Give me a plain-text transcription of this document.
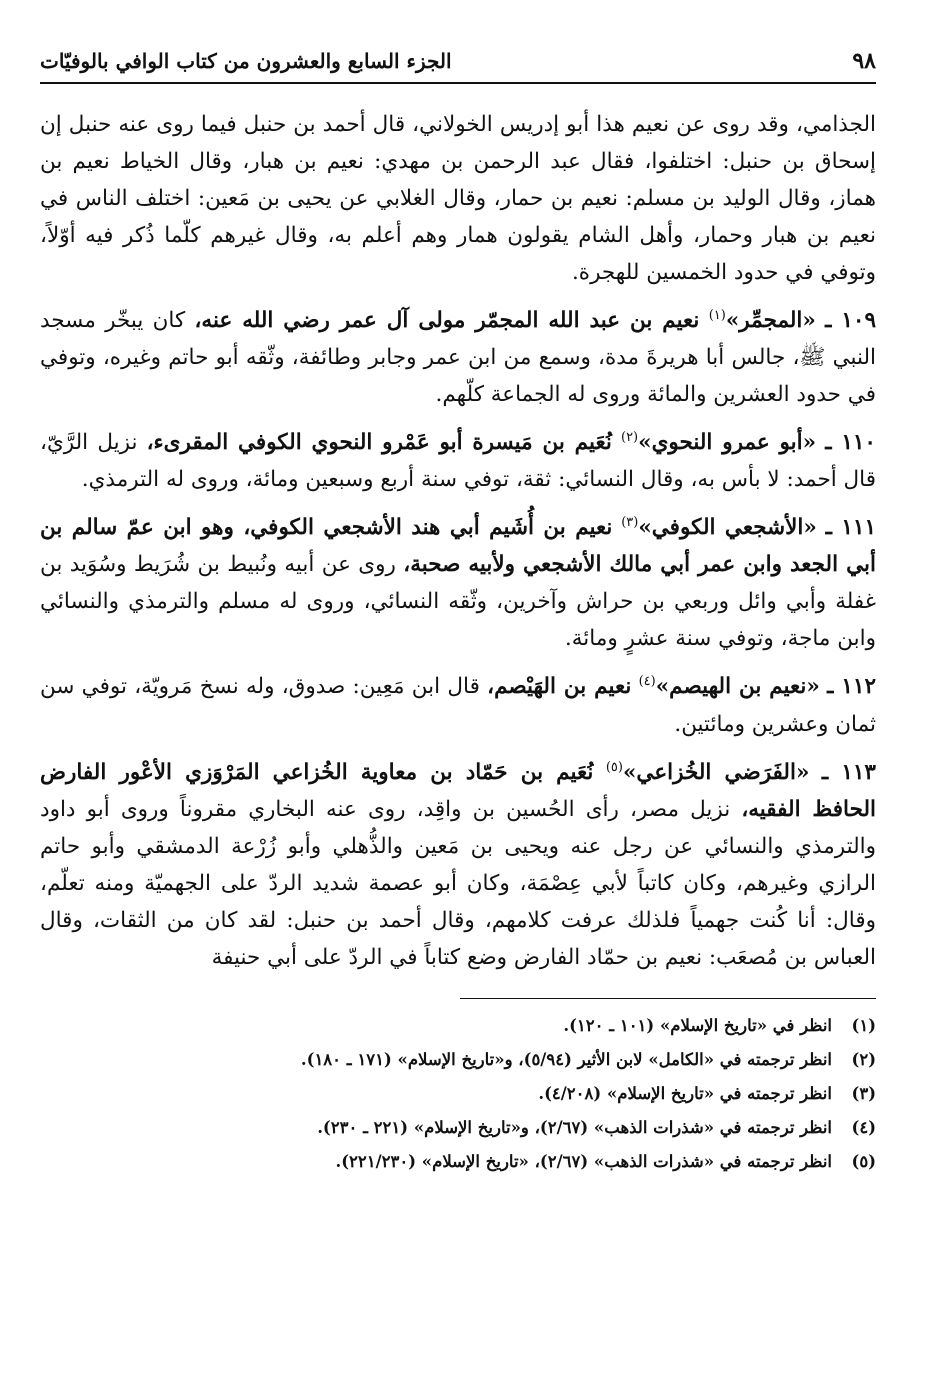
٩٨
الجزء السابع والعشرون من كتاب الوافي بالوفيّات

الجذامي، وقد روى عن نعيم هذا أبو إدريس الخولاني، قال أحمد بن حنبل فيما روى عنه حنبل إن إسحاق بن حنبل: اختلفوا، فقال عبد الرحمن بن مهدي: نعيم بن هبار، وقال الخياط نعيم بن هماز، وقال الوليد بن مسلم: نعيم بن حمار، وقال الغلابي عن يحيى بن مَعين: اختلف الناس في نعيم بن هبار وحمار، وأهل الشام يقولون همار وهم أعلم به، وقال غيرهم كلّما ذُكر فيه أوّلاً، وتوفي في حدود الخمسين للهجرة.

١٠٩ ـ «المجمِّر»$^{(١)}$ نعيم بن عبد الله المجمّر مولى آل عمر رضي الله عنه، كان يبخّر مسجد النبي ﷺ، جالس أبا هريرةَ مدة، وسمع من ابن عمر وجابر وطائفة، وثّقه أبو حاتم وغيره، وتوفي في حدود العشرين والمائة وروى له الجماعة كلّهم.

١١٠ ـ «أبو عمرو النحوي»$^{(٢)}$ نُعَيم بن مَيسرة أبو عَمْرو النحوي الكوفي المقرىء، نزيل الرَّيّ، قال أحمد: لا بأس به، وقال النسائي: ثقة، توفي سنة أربع وسبعين ومائة، وروى له الترمذي.

١١١ ـ «الأشجعي الكوفي»$^{(٣)}$ نعيم بن أُشَيم أبي هند الأشجعي الكوفي، وهو ابن عمّ سالم بن أبي الجعد وابن عمر أبي مالك الأشجعي ولأبيه صحبة، روى عن أبيه ونُبيط بن شُرَيط وسُوَيد بن غفلة وأبي وائل وربعي بن حراش وآخرين، وثّقه النسائي، وروى له مسلم والترمذي والنسائي وابن ماجة، وتوفي سنة عشرٍ ومائة.

١١٢ ـ «نعيم بن الهيصم»$^{(٤)}$ نعيم بن الهَيْصم، قال ابن مَعِين: صدوق، وله نسخ مَرويّة، توفي سن ثمان وعشرين ومائتين.

١١٣ ـ «الفَرَضي الخُزاعي»$^{(٥)}$ نُعَيم بن حَمّاد بن معاوية الخُزاعي المَرْوَزي الأعْور الفارض الحافظ الفقيه، نزيل مصر، رأى الحُسين بن واقِد، روى عنه البخاري مقروناً وروى أبو داود والترمذي والنسائي عن رجل عنه ويحيى بن مَعين والذُّهلي وأبو زُرْعة الدمشقي وأبو حاتم الرازي وغيرهم، وكان كاتباً لأبي عِصْمَة، وكان أبو عصمة شديد الردّ على الجهميّة ومنه تعلّم، وقال: أنا كُنت جهمياً فلذلك عرفت كلامهم، وقال أحمد بن حنبل: لقد كان من الثقات، وقال العباس بن مُصعَب: نعيم بن حمّاد الفارض وضع كتاباً في الردّ على أبي حنيفة

(١)
انظر في «تاريخ الإسلام» (١٠١ ـ ١٢٠).
(٢)
انظر ترجمته في «الكامل» لابن الأثير (٥/٩٤)، و«تاريخ الإسلام» (١٧١ ـ ١٨٠).
(٣)
انظر ترجمته في «تاريخ الإسلام» (٤/٢٠٨).
(٤)
انظر ترجمته في «شذرات الذهب» (٢/٦٧)، و«تاريخ الإسلام» (٢٢١ ـ ٢٣٠).
(٥)
انظر ترجمته في «شذرات الذهب» (٢/٦٧)، «تاريخ الإسلام» (٢٢١/٢٣٠).
